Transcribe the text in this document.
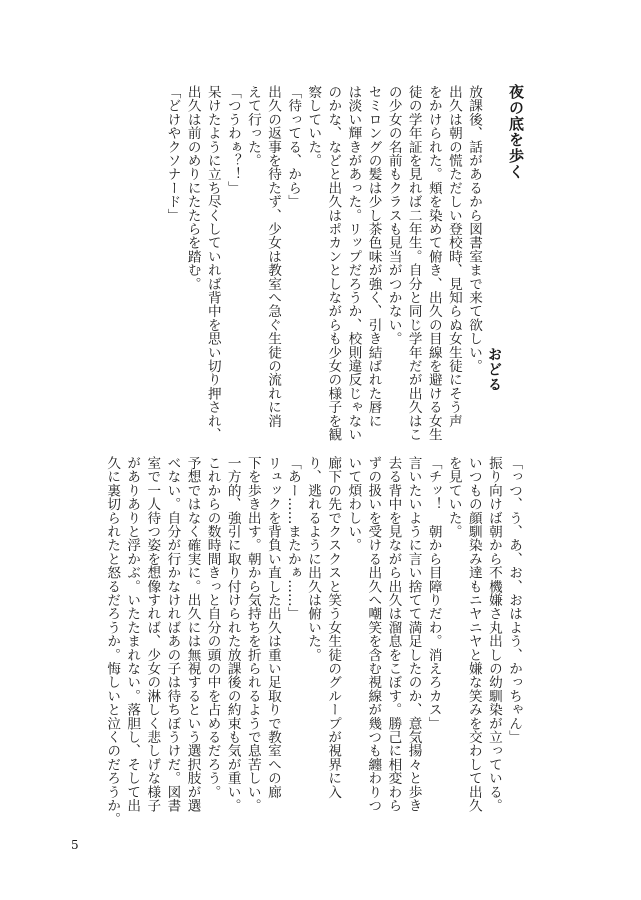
夜の底を歩く
おどる
放課後、話があるから図書室まで来て欲しい。
出久は朝の慌ただしい登校時、見知らぬ女生徒にそう声
をかけられた。頬を染めて俯き、出久の目線を避ける女生
徒の学年証を見れば二年生。自分と同じ学年だが出久はこ
の少女の名前もクラスも見当がつかない。
セミロングの髪は少し茶色味が強く、引き結ばれた唇に
は淡い輝きがあった。リップだろうか、校則違反じゃない
のかな、などと出久はポカンとしながらも少女の様子を観
察していた。
「待ってる、から」
出久の返事を待たず、少女は教室へ急ぐ生徒の流れに消
えて行った。
「つうわぁ？！」
呆けたように立ち尽くしていれば背中を思い切り押され、
出久は前のめりにたたらを踏む。
「どけやクソナード」
「っつ、う、あ、お、おはよう、かっちゃん」
振り向けば朝から不機嫌さ丸出しの幼馴染が立っている。
いつもの顔馴染み達もニヤニヤと嫌な笑みを交わして出久
を見ていた。
「チッ！　朝から目障りだわ。消えろカス」
言いたいように言い捨てて満足したのか、意気揚々と歩き
去る背中を見ながら出久は溜息をこぼす。勝己に相変わら
ずの扱いを受ける出久へ嘲笑を含む視線が幾つも纏わりつ
いて煩わしい。
廊下の先でクスクスと笑う女生徒のグループが視界に入
り、逃れるように出久は俯いた。
「あー……またかぁ……」
リュックを背負い直した出久は重い足取りで教室への廊
下を歩き出す。朝から気持ちを折られるようで息苦しい。
一方的、強引に取り付けられた放課後の約束も気が重い。
これからの数時間きっと自分の頭の中を占めるだろう。
予想ではなく確実に。出久には無視するという選択肢が選
べない。自分が行かなければあの子は待ちぼうけだ。図書
室で一人待つ姿を想像すれば、少女の淋しく悲しげな様子
がありありと浮かぶ。いたたまれない。落胆し、そして出
久に裏切られたと怒るだろうか。悔しいと泣くのだろうか。
5
